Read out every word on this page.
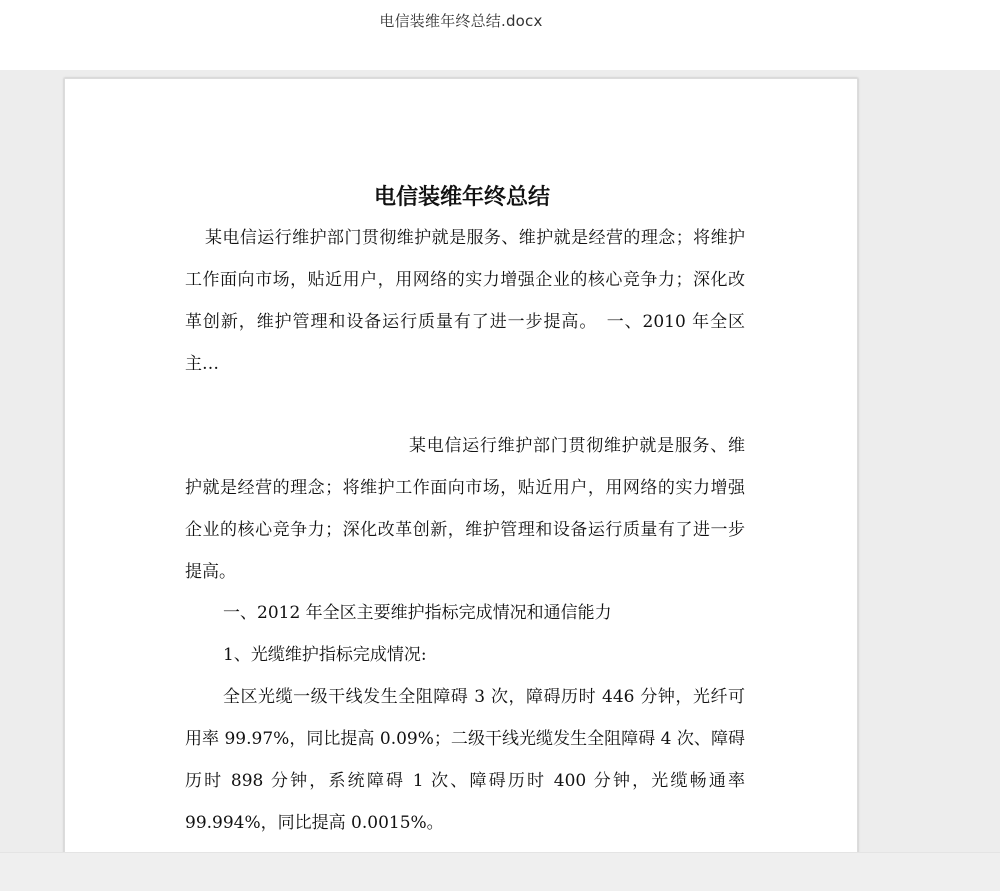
电信装维年终总结.docx
电信装维年终总结

某电信运行维护部门贯彻维护就是服务、维护就是经营的理念；将维护工作面向市场，贴近用户，用网络的实力增强企业的核心竞争力；深化改革创新，维护管理和设备运行质量有了进一步提高。　一、2010 年全区主…

某电信运行维护部门贯彻维护就是服务、维护就是经营的理念；将维护工作面向市场，贴近用户，用网络的实力增强企业的核心竞争力；深化改革创新，维护管理和设备运行质量有了进一步提高。

一、2012 年全区主要维护指标完成情况和通信能力

1、光缆维护指标完成情况:

全区光缆一级干线发生全阻障碍 3 次，障碍历时 446 分钟，光纤可用率 99.97%，同比提高 0.09%；二级干线光缆发生全阻障碍 4 次、障碍历时 898 分钟，系统障碍 1 次、障碍历时 400 分钟，光缆畅通率 99.994%，同比提高 0.0015%。
